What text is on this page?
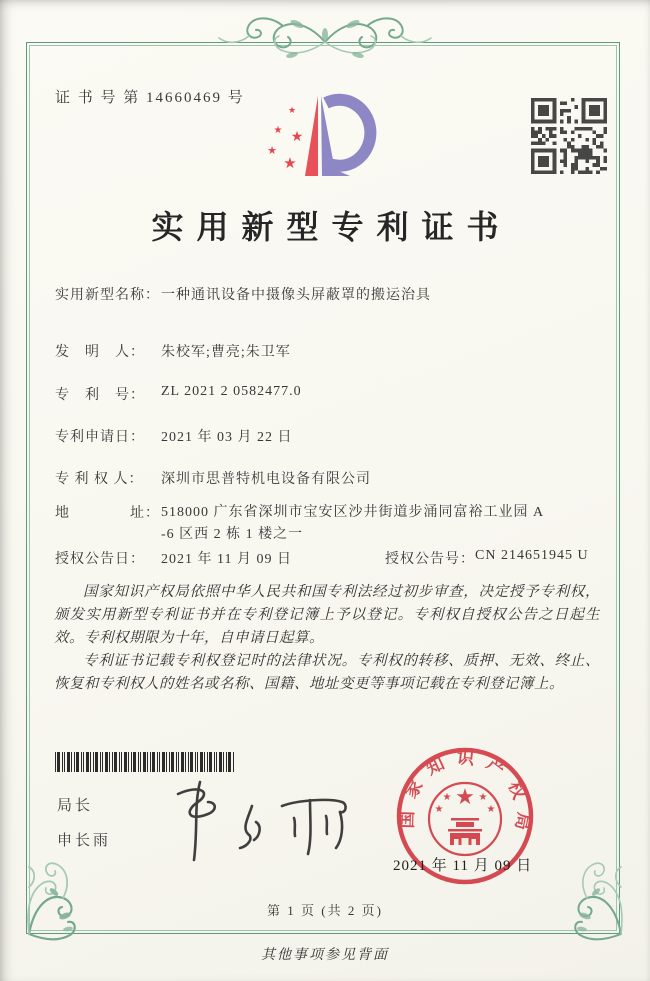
证 书 号 第 14660469 号
★
★ ★
★
★
实用新型专利证书
实用新型名称：一种通讯设备中摄像头屏蔽罩的搬运治具
发　明　人： 朱校军;曹亮;朱卫军
专　利　号： ZL 2021 2 0582477.0
专利申请日： 2021 年 03 月 22 日
专 利 权 人： 深圳市思普特机电设备有限公司
地　　　　址： 518000 广东省深圳市宝安区沙井街道步涌同富裕工业园 A
-6 区西 2 栋 1 楼之一
授权公告日： 2021 年 11 月 09 日	授权公告号：CN 214651945 U

国家知识产权局依照中华人民共和国专利法经过初步审查，决定授予专利权，颁发实用新型专利证书并在专利登记簿上予以登记。专利权自授权公告之日起生效。专利权期限为十年，自申请日起算。

专利证书记载专利权登记时的法律状况。专利权的转移、质押、无效、终止、恢复和专利权人的姓名或名称、国籍、地址变更等事项记载在专利登记簿上。

局长
申长雨
国家知识产权局
★
★
★
★
★
2021 年 11 月 09 日
第 1 页 (共 2 页)
其他事项参见背面
